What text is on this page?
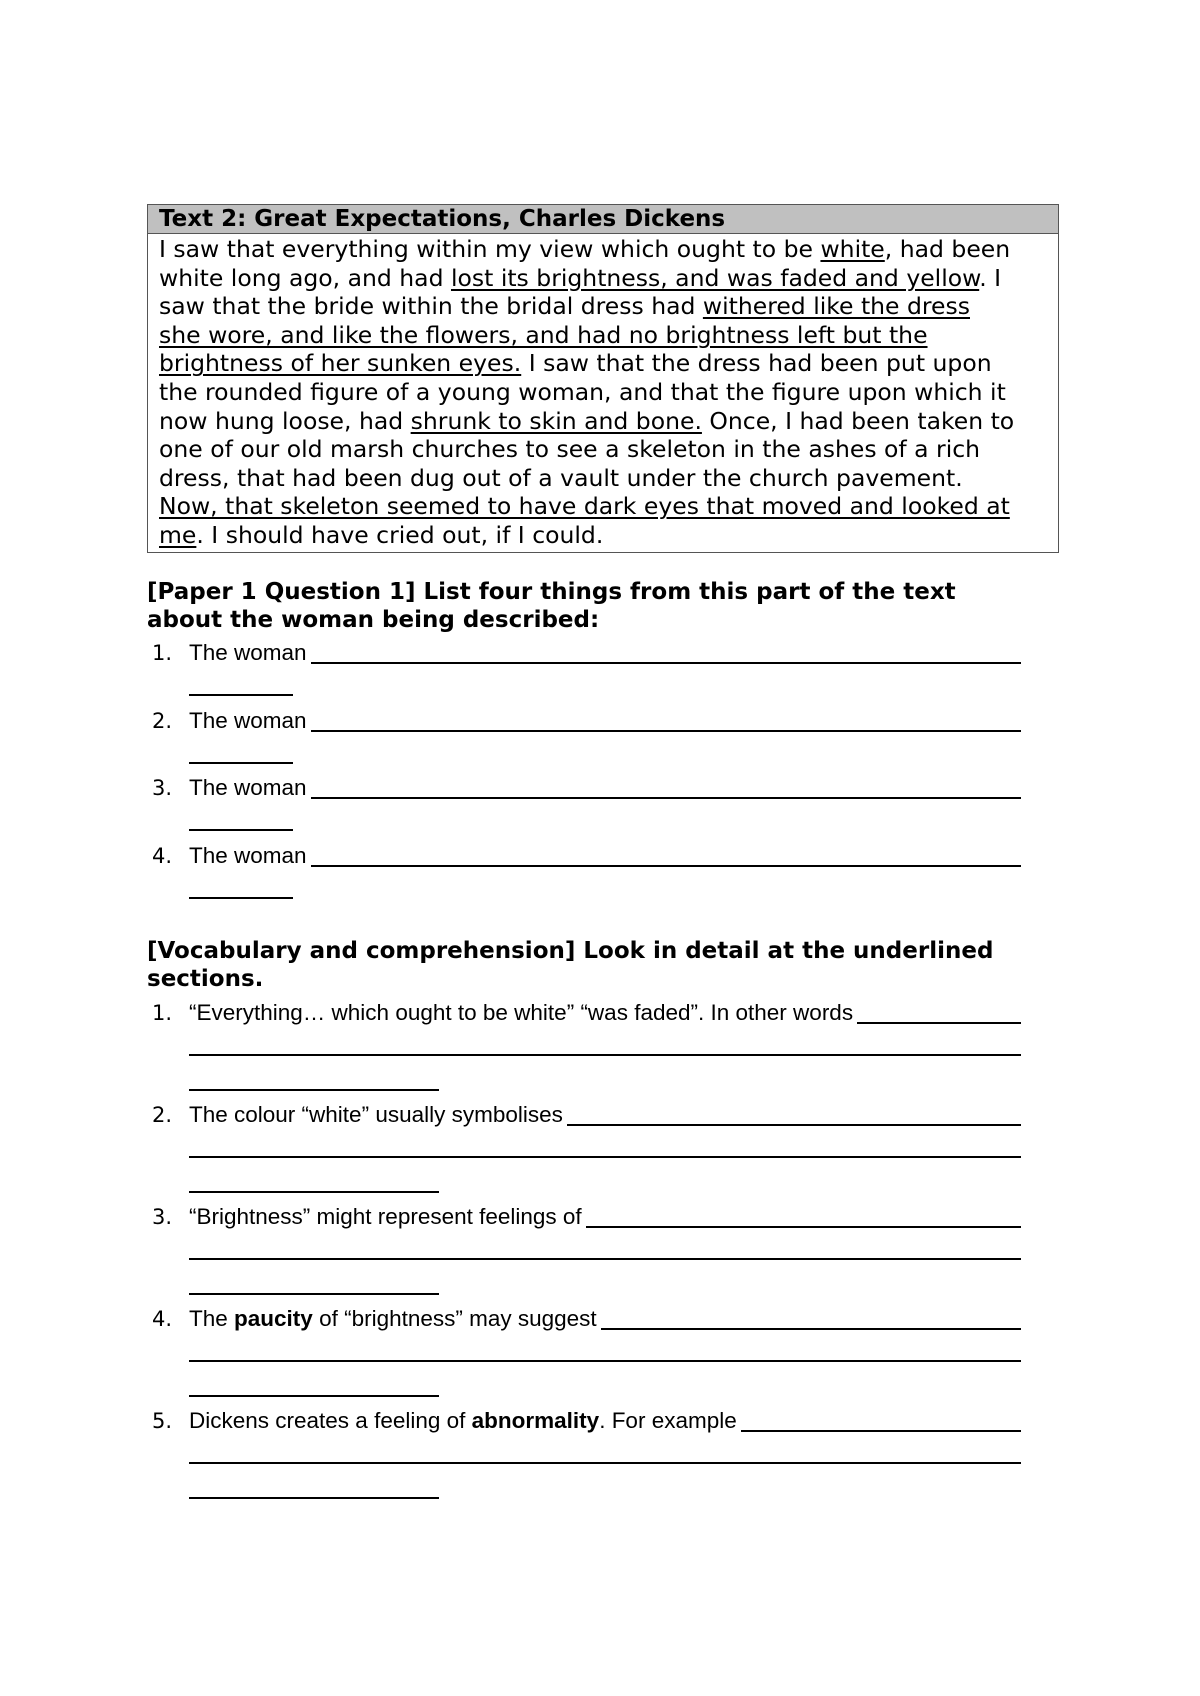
Text 2: Great Expectations, Charles Dickens
I saw that everything within my view which ought to be white, had been
white long ago, and had lost its brightness, and was faded and yellow. I
saw that the bride within the bridal dress had withered like the dress
she wore, and like the flowers, and had no brightness left but the
brightness of her sunken eyes. I saw that the dress had been put upon
the rounded figure of a young woman, and that the figure upon which it
now hung loose, had shrunk to skin and bone. Once, I had been taken to
one of our old marsh churches to see a skeleton in the ashes of a rich
dress, that had been dug out of a vault under the church pavement.
Now, that skeleton seemed to have dark eyes that moved and looked at
me. I should have cried out, if I could.
[Paper 1 Question 1] List four things from this part of the text
about the woman being described:
1. The woman
2. The woman
3. The woman
4. The woman
[Vocabulary and comprehension] Look in detail at the underlined
sections.
1. “Everything… which ought to be white” “was faded”. In other words
2. The colour “white” usually symbolises
3. “Brightness” might represent feelings of
4. The paucity of “brightness” may suggest
5. Dickens creates a feeling of abnormality. For example
